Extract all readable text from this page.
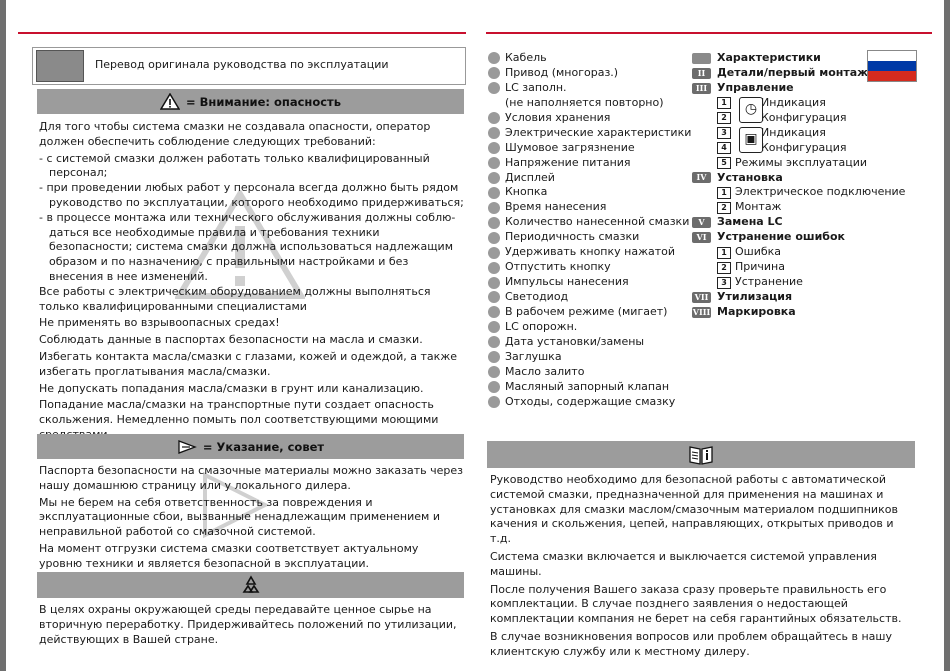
Перевод оригинала руководства по эксплуатации
= Внимание: опасность

Для того чтобы система смазки не создавала опасности, оператор должен обеспечить соблюдение следующих требований:

- с системой смазки должен работать только квалифицированный персонал;
- при проведении любых работ у персонала всегда должно быть рядом руководство по эксплуатации, которого необходимо придерживаться;
- в процессе монтажа или технического обслуживания должны соблю-даться все необходимые правила и требования техники безопасности; система смазки должна использоваться надлежащим образом и по назначению, с правильными настройками и без внесения в нее изменений.

Все работы с электрическим оборудованием должны выполняться только квалифицированными специалистами

Не применять во взрывоопасных средах!

Соблюдать данные в паспортах безопасности на масла и смазки.

Избегать контакта масла/смазки с глазами, кожей и одеждой, а также избегать проглатывания масла/смазки.

Не допускать попадания масла/смазки в грунт или канализацию.

Попадание масла/смазки на транспортные пути создает опасность скольжения. Немедленно помыть пол соответствующими моющими

= Указание, совет

Паспорта безопасности на смазочные материалы можно заказать через нашу домашнюю страницу или у локального дилера.

Мы не берем на себя ответственность за повреждения и эксплуатационные сбои, вызванные ненадлежащим применением и неправильной работой со смазочной системой.

На момент отгрузки система смазки соответствует актуальному уровню техники и является безопасной в эксплуатации.

В целях охраны окружающей среды передавайте ценное сырье на вторичную переработку. Придерживайтесь положений по утилизации, действующих в Вашей стране.

Кабель
Привод (многораз.)
LC заполн.
(не наполняется повторно)
Условия хранения
Электрические характеристики
Шумовое загрязнение
Напряжение питания
Дисплей
Кнопка
Время нанесения
Количество нанесенной смазки
Периодичность смазки
Удерживать кнопку нажатой
Отпустить кнопку
Импульсы нанесения
Светодиод
В рабочем режиме (мигает)
LC опорожн.
Дата установки/замены
Заглушка
Масло залито
Масляный запорный клапан
Отходы, содержащие смазку
Характеристики
II	Детали/первый монтаж
III Управление
1	Индикация
2	Конфигурация
3	Индикация
4	Конфигурация
5 Режимы эксплуатации
IV Установка
1 Электрическое подключение
2 Монтаж
V	Замена LC
VI Устранение ошибок
1 Ошибка
2 Причина
3 Устранение
VII Утилизация
VIII Маркировка
◷
▣

Руководство необходимо для безопасной работы с автоматической системой смазки, предназначенной для применения на машинах и установках для смазки маслом/смазочным материалом подшипников качения и скольжения, цепей, направляющих, открытых приводов и т.д.

Система смазки включается и выключается системой управления машины.

После получения Вашего заказа сразу проверьте правильность его комплектации. В случае позднего заявления о недостающей комплектации компания не берет на себя гарантийных обязательств.

В случае возникновения вопросов или проблем обращайтесь в нашу клиентскую службу или к местному дилеру.
